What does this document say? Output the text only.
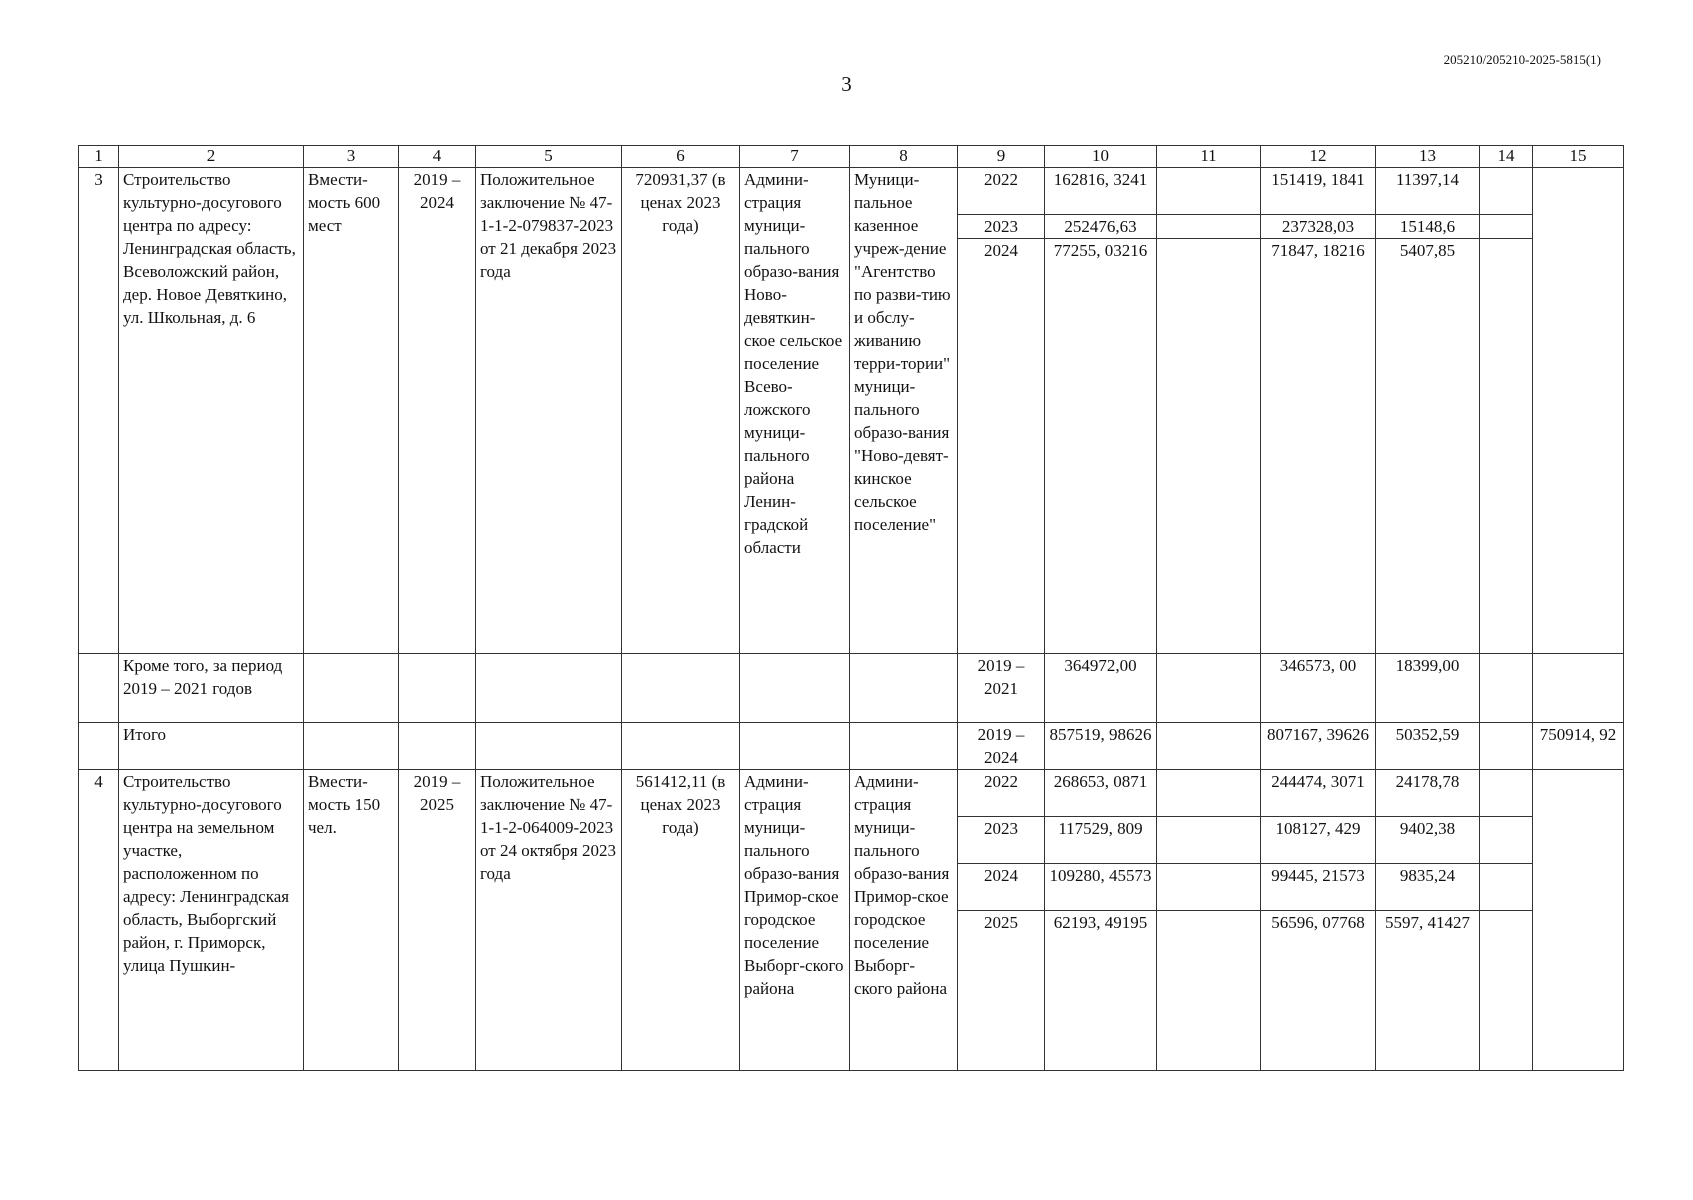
205210/205210-2025-5815(1)
3
1	2	3	4	5	6	7	8	9	10	11	12	13	14	15
3	Строительство культурно-досугового центра по адресу: Ленинградская область, Всеволожский район, дер. Новое Девяткино, ул. Школьная, д. 6	Вмести-мость 600 мест	2019 – 2024	Положительное заключение № 47-1-1-2-079837-2023 от 21 декабря 2023 года	720931,37 (в ценах 2023 года)	Админи-страция муници-пального образо-вания Ново-девяткин-ское сельское поселение Всево-ложского муници-пального района Ленин-градской области	Муници-пальное казенное учреж-дение "Агентство по разви-тию и обслу-живанию терри-тории" муници-пального образо-вания "Ново-девят-кинское сельское поселение"	2022	162816, 3241		151419, 1841	11397,14		
								2023	252476,63		237328,03	15148,6		
								2024	77255, 03216		71847, 18216	5407,85		
	Кроме того, за период 2019 – 2021 годов							2019 – 2021	364972,00		346573, 00	18399,00		
	Итого							2019 – 2024	857519, 98626		807167, 39626	50352,59		750914, 92
4	Строительство культурно-досугового центра на земельном участке, расположенном по адресу: Ленинградская область, Выборгский район, г. Приморск, улица Пушкин-	Вмести-мость 150 чел.	2019 – 2025	Положительное заключение № 47-1-1-2-064009-2023 от 24 октября 2023 года	561412,11 (в ценах 2023 года)	Админи-страция муници-пального образо-вания Примор-ское городское поселение Выборг-ского района	Админи-страция муници-пального образо-вания Примор-ское городское поселение Выборг-ского района	2022	268653, 0871		244474, 3071	24178,78		
								2023	117529, 809		108127, 429	9402,38		
								2024	109280, 45573		99445, 21573	9835,24		
								2025	62193, 49195		56596, 07768	5597, 41427		
